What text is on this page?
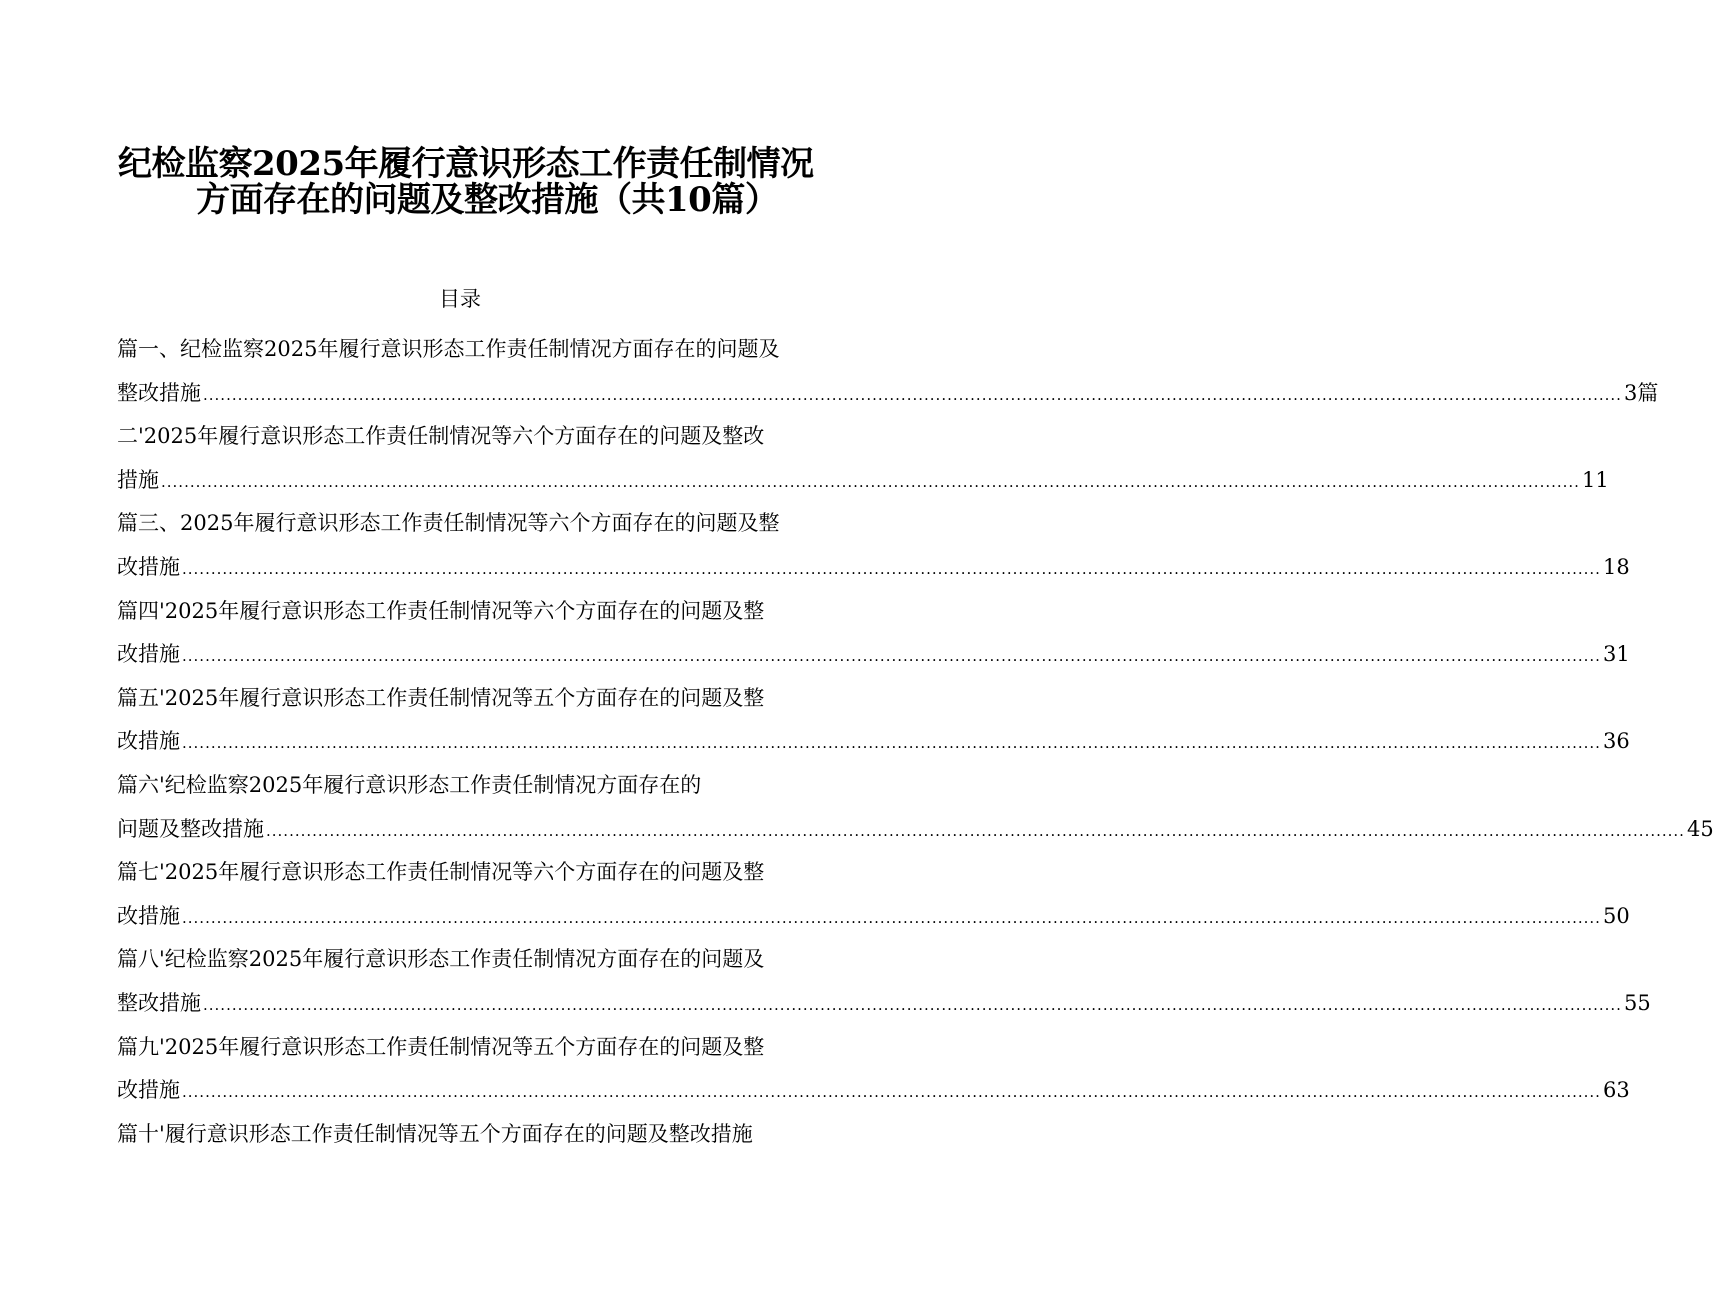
纪检监察2025年履行意识形态工作责任制情况
方面存在的问题及整改措施（共10篇）
目录
篇一、纪检监察2025年履行意识形态工作责任制情况方面存在的问题及
整改措施 ...................................................................................................................................................................................................................................................... 3篇
二'2025年履行意识形态工作责任制情况等六个方面存在的问题及整改
措施 ...................................................................................................................................................................................................................................................... 11
篇三、2025年履行意识形态工作责任制情况等六个方面存在的问题及整
改措施 ...................................................................................................................................................................................................................................................... 18
篇四'2025年履行意识形态工作责任制情况等六个方面存在的问题及整
改措施 ...................................................................................................................................................................................................................................................... 31
篇五'2025年履行意识形态工作责任制情况等五个方面存在的问题及整
改措施 ...................................................................................................................................................................................................................................................... 36
篇六'纪检监察2025年履行意识形态工作责任制情况方面存在的
问题及整改措施 ...................................................................................................................................................................................................................................................... 45
篇七'2025年履行意识形态工作责任制情况等六个方面存在的问题及整
改措施 ...................................................................................................................................................................................................................................................... 50
篇八'纪检监察2025年履行意识形态工作责任制情况方面存在的问题及
整改措施 ...................................................................................................................................................................................................................................................... 55
篇九'2025年履行意识形态工作责任制情况等五个方面存在的问题及整
改措施 ...................................................................................................................................................................................................................................................... 63
篇十'履行意识形态工作责任制情况等五个方面存在的问题及整改措施
